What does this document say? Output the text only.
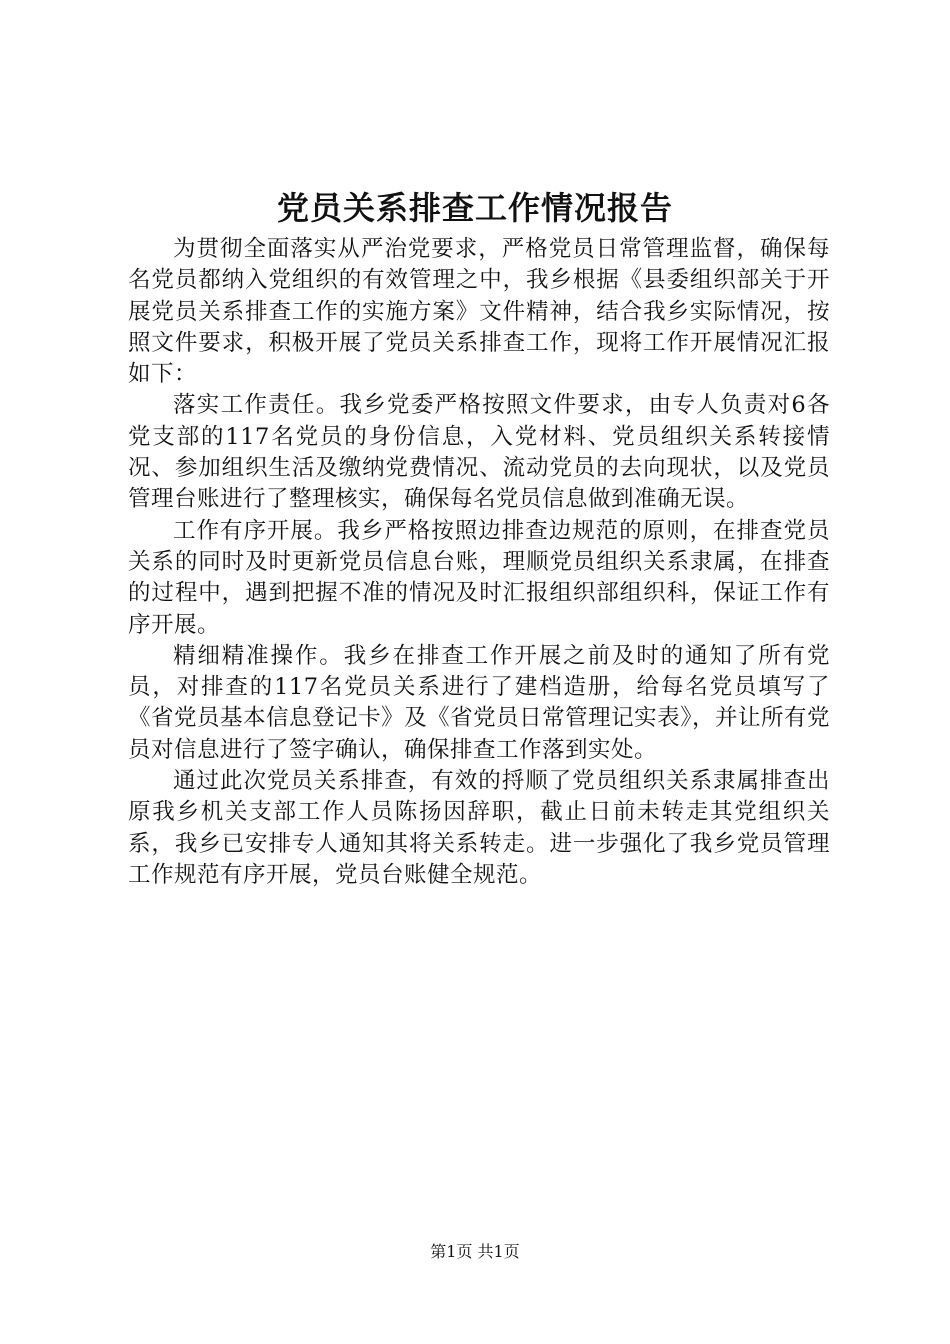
党员关系排查工作情况报告

为贯彻全面落实从严治党要求，严格党员日常管理监督，确保每名党员都纳入党组织的有效管理之中，我乡根据《县委组织部关于开展党员关系排查工作的实施方案》文件精神，结合我乡实际情况，按照文件要求，积极开展了党员关系排查工作，现将工作开展情况汇报如下：

落实工作责任。我乡党委严格按照文件要求，由专人负责对6各党支部的117名党员的身份信息，入党材料、党员组织关系转接情况、参加组织生活及缴纳党费情况、流动党员的去向现状，以及党员管理台账进行了整理核实，确保每名党员信息做到准确无误。

工作有序开展。我乡严格按照边排查边规范的原则，在排查党员关系的同时及时更新党员信息台账，理顺党员组织关系隶属，在排查的过程中，遇到把握不准的情况及时汇报组织部组织科，保证工作有序开展。

精细精准操作。我乡在排查工作开展之前及时的通知了所有党员，对排查的117名党员关系进行了建档造册，给每名党员填写了《省党员基本信息登记卡》及《省党员日常管理记实表》，并让所有党员对信息进行了签字确认，确保排查工作落到实处。

通过此次党员关系排查，有效的捋顺了党员组织关系隶属排查出原我乡机关支部工作人员陈扬因辞职，截止日前未转走其党组织关系，我乡已安排专人通知其将关系转走。进一步强化了我乡党员管理工作规范有序开展，党员台账健全规范。

第1页 共1页
